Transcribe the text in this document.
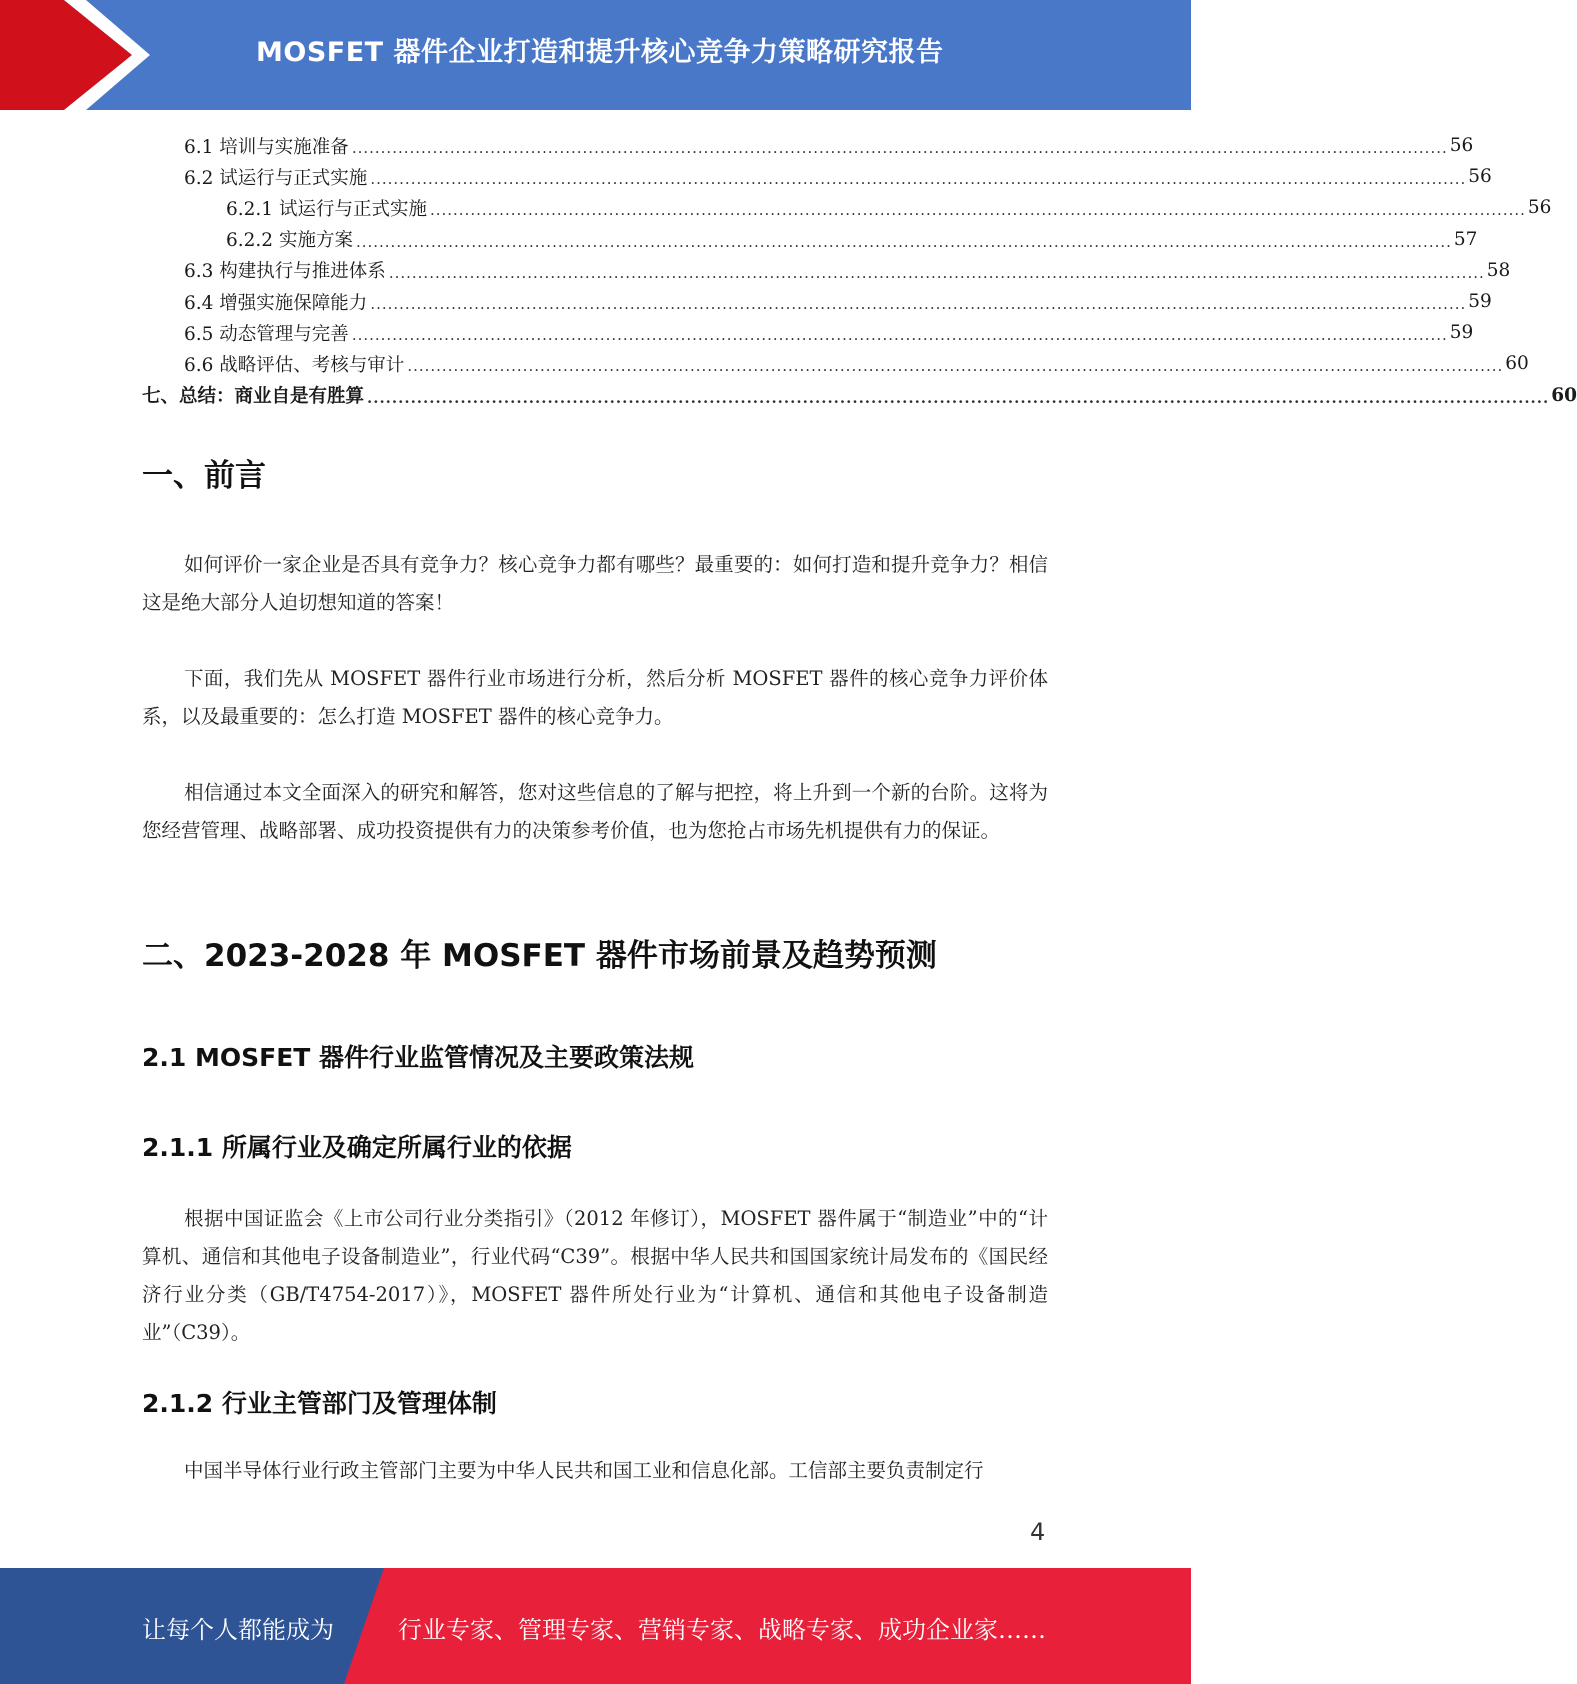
MOSFET 器件企业打造和提升核心竞争力策略研究报告
6.1 培训与实施准备 .............................................................................................................................................................................................. 56
6.2 试运行与正式实施 .............................................................................................................................................................................................. 56
6.2.1 试运行与正式实施 .............................................................................................................................................................................................. 56
6.2.2 实施方案 .............................................................................................................................................................................................. 57
6.3 构建执行与推进体系 .............................................................................................................................................................................................. 58
6.4 增强实施保障能力 .............................................................................................................................................................................................. 59
6.5 动态管理与完善 .............................................................................................................................................................................................. 59
6.6 战略评估、考核与审计 .............................................................................................................................................................................................. 60
七、总结：商业自是有胜算 .............................................................................................................................................................................................. 60
一、前言

如何评价一家企业是否具有竞争力？核心竞争力都有哪些？最重要的：如何打造和提升竞争力？相信这是绝大部分人迫切想知道的答案！

下面，我们先从 MOSFET 器件行业市场进行分析，然后分析 MOSFET 器件的核心竞争力评价体系，以及最重要的：怎么打造 MOSFET 器件的核心竞争力。

相信通过本文全面深入的研究和解答，您对这些信息的了解与把控，将上升到一个新的台阶。这将为您经营管理、战略部署、成功投资提供有力的决策参考价值，也为您抢占市场先机提供有力的保证。

二、2023-2028 年 MOSFET 器件市场前景及趋势预测
2.1 MOSFET 器件行业监管情况及主要政策法规
2.1.1 所属行业及确定所属行业的依据

根据中国证监会《上市公司行业分类指引》（2012 年修订），MOSFET 器件属于“制造业”中的“计算机、通信和其他电子设备制造业”，行业代码“C39”。根据中华人民共和国国家统计局发布的《国民经济行业分类（GB/T4754-2017）》，MOSFET 器件所处行业为“计算机、通信和其他电子设备制造业”（C39）。

2.1.2 行业主管部门及管理体制

中国半导体行业行政主管部门主要为中华人民共和国工业和信息化部。工信部主要负责制定行

4
让每个人都能成为	行业专家、管理专家、营销专家、战略专家、成功企业家……
